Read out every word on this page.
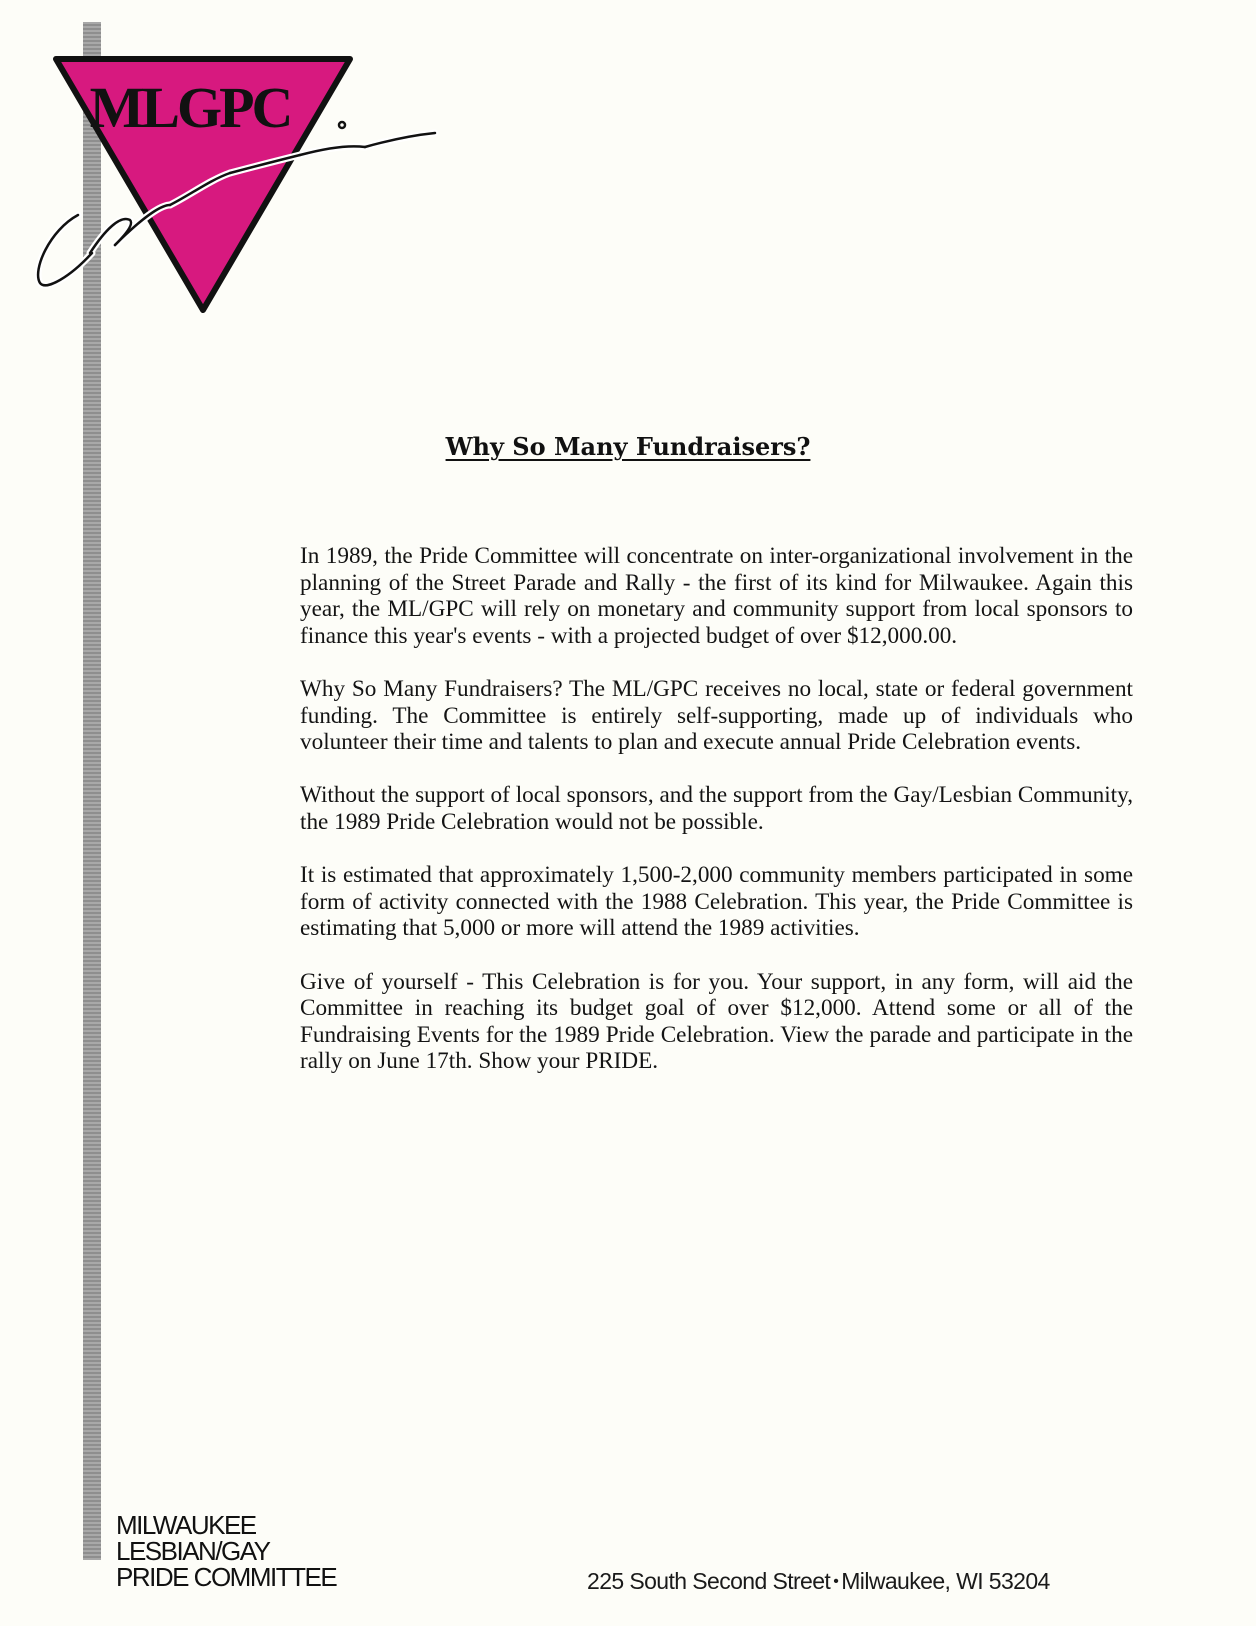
MLGPC
Why So Many Fundraisers?

In 1989, the Pride Committee will concentrate on inter-organizational involvement in the planning of the Street Parade and Rally - the first of its kind for Milwaukee. Again this year, the ML/GPC will rely on monetary and community support from local sponsors to finance this year's events - with a projected budget of over $12,000.00.

Why So Many Fundraisers? The ML/GPC receives no local, state or federal government funding. The Committee is entirely self-supporting, made up of individuals who volunteer their time and talents to plan and execute annual Pride Celebration events.

Without the support of local sponsors, and the support from the Gay/Lesbian Community, the 1989 Pride Celebration would not be possible.

It is estimated that approximately 1,500-2,000 community members participated in some form of activity connected with the 1988 Celebration. This year, the Pride Committee is estimating that 5,000 or more will attend the 1989 activities.

Give of yourself - This Celebration is for you. Your support, in any form, will aid the Committee in reaching its budget goal of over $12,000. Attend some or all of the Fundraising Events for the 1989 Pride Celebration. View the parade and participate in the rally on June 17th. Show your PRIDE.

MILWAUKEE
LESBIAN/GAY
PRIDE COMMITTEE	225 South Second Street • Milwaukee, WI 53204
